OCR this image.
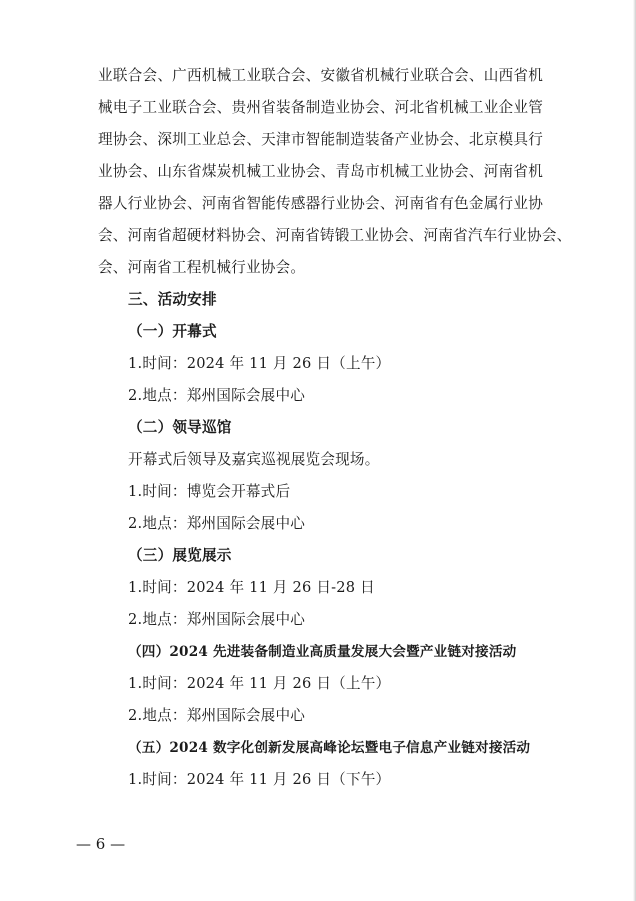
业联合会、广西机械工业联合会、安徽省机械行业联合会、山西省机
械电子工业联合会、贵州省装备制造业协会、河北省机械工业企业管
理协会、深圳工业总会、天津市智能制造装备产业协会、北京模具行
业协会、山东省煤炭机械工业协会、青岛市机械工业协会、河南省机
器人行业协会、河南省智能传感器行业协会、河南省有色金属行业协
会、河南省超硬材料协会、河南省铸锻工业协会、河南省汽车行业协会、
会、河南省工程机械行业协会。
三、活动安排
（一）开幕式
1.时间：2024 年 11 月 26 日（上午）
2.地点：郑州国际会展中心
（二）领导巡馆
开幕式后领导及嘉宾巡视展览会现场。
1.时间：博览会开幕式后
2.地点：郑州国际会展中心
（三）展览展示
1.时间：2024 年 11 月 26 日-28 日
2.地点：郑州国际会展中心
（四）2024 先进装备制造业高质量发展大会暨产业链对接活动
1.时间：2024 年 11 月 26 日（上午）
2.地点：郑州国际会展中心
（五）2024 数字化创新发展高峰论坛暨电子信息产业链对接活动
1.时间：2024 年 11 月 26 日（下午）
— 6 —
